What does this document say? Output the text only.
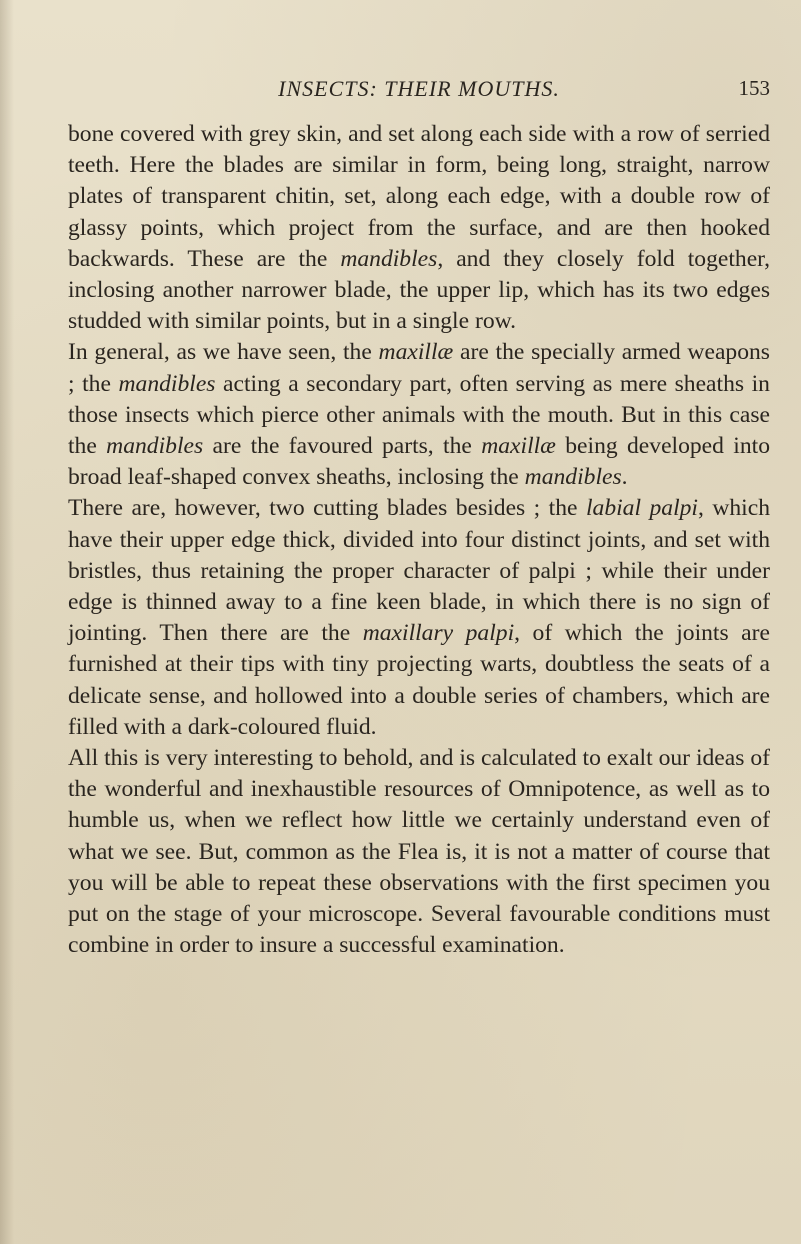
INSECTS: THEIR MOUTHS.	153

bone covered with grey skin, and set along each side with a row of serried teeth. Here the blades are similar in form, being long, straight, narrow plates of transparent chitin, set, along each edge, with a double row of glassy points, which project from the surface, and are then hooked backwards. These are the mandibles, and they closely fold together, inclosing another narrower blade, the upper lip, which has its two edges studded with similar points, but in a single row.

In general, as we have seen, the maxillæ are the specially armed weapons ; the mandibles acting a secondary part, often serving as mere sheaths in those insects which pierce other animals with the mouth. But in this case the mandibles are the favoured parts, the maxillæ being developed into broad leaf-shaped convex sheaths, inclosing the mandibles.

There are, however, two cutting blades besides ; the labial palpi, which have their upper edge thick, divided into four distinct joints, and set with bristles, thus retaining the proper character of palpi ; while their under edge is thinned away to a fine keen blade, in which there is no sign of jointing. Then there are the maxillary palpi, of which the joints are furnished at their tips with tiny projecting warts, doubtless the seats of a delicate sense, and hollowed into a double series of chambers, which are filled with a dark-coloured fluid.

All this is very interesting to behold, and is calculated to exalt our ideas of the wonderful and inexhaustible resources of Omnipotence, as well as to humble us, when we reflect how little we certainly understand even of what we see. But, common as the Flea is, it is not a matter of course that you will be able to repeat these observations with the first specimen you put on the stage of your microscope. Several favourable conditions must combine in order to insure a successful examination.
